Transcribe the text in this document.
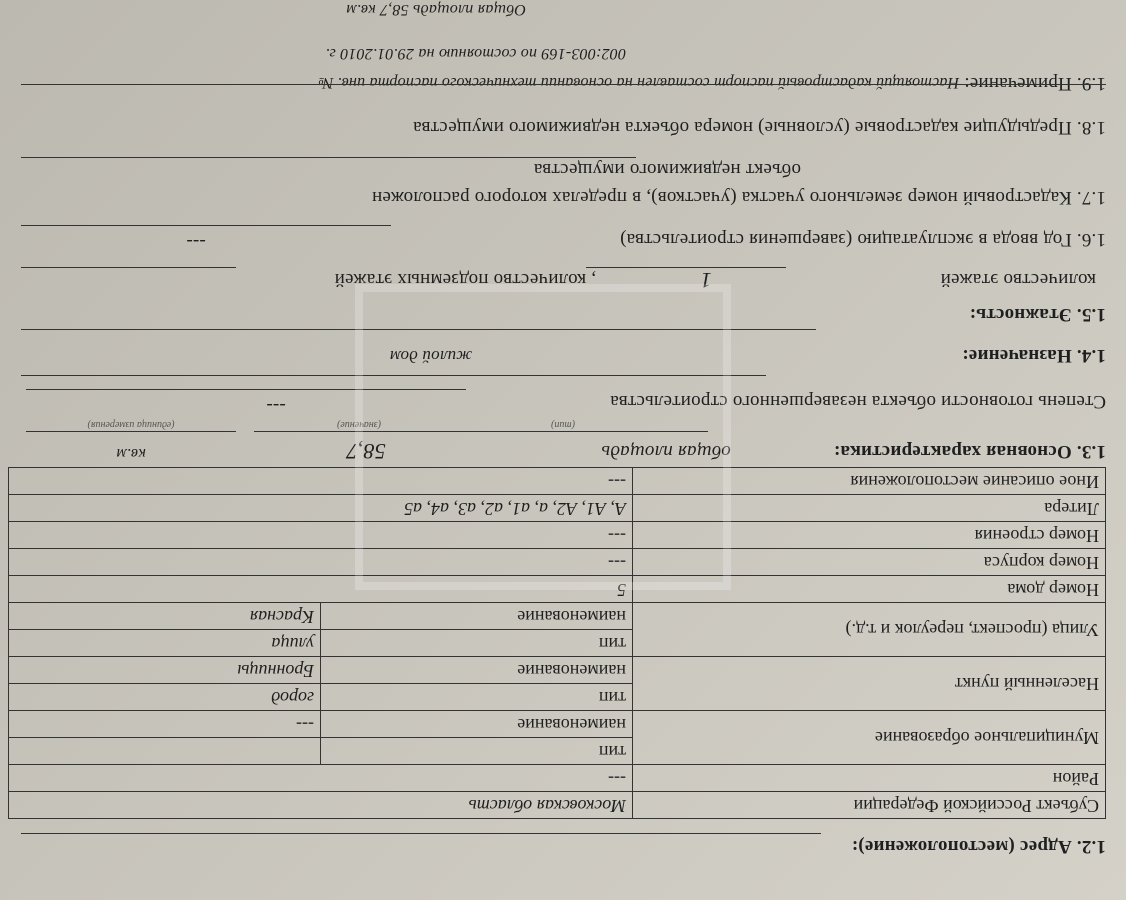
1.2. Адрес (местоположение):
Субъект Российской Федерации	Московская область	
Район	---	
Муниципальное образование	тип	
	наименование	---
Населенный пункт	тип	город
	наименование	Бронницы
Улица (проспект, переулок и т.д.)	тип	улица
	наименование	Красная
Номер дома	5	
Номер корпуса	---	
Номер строения	---	
Литера	А, А1, А2, а, а1, а2, а3, а4, а5	
Иное описание местоположения	---	
1.3. Основная характеристика:
общая площадь
58,7
кв.м
(тип)
(значение)
(единица измерения)
Степень готовности объекта незавершенного строительства
---
1.4. Назначение:
жилой дом
1.5. Этажность:
количество этажей
1
, количество подземных этажей
1.6. Год ввода в эксплуатацию (завершения строительства)
---
1.7. Кадастровый номер земельного участка (участков), в пределах которого расположен
объект недвижимого имущества
1.8. Предыдущие кадастровые (условные) номера объекта недвижимого имущества
1.9. Примечание: Настоящий кадастровый паспорт составлен на основании технического паспорта инв. №
002:003-169 по состоянию на 29.01.2010 г.
Общая площадь 58,7 кв.м
